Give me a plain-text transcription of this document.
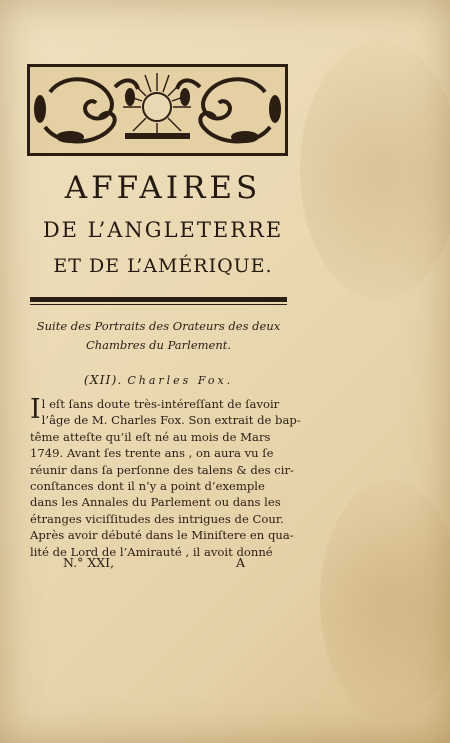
AFFAIRES
DE L’ANGLETERRE
ET DE L’AMÉRIQUE.
Suite des Portraits des Orateurs des deux
Chambres du Parlement.
(XII). Charles Fox.
I l eſt ſans doute très-intéreſſant de ſavoir
l’âge de M. Charles Fox. Son extrait de bap-
tême atteſte qu’il eſt né au mois de Mars
1749. Avant ſes trente ans , on aura vu ſe
réunir dans ſa perſonne des talens & des cir-
conſtances dont il n’y a point d’exemple
dans les Annales du Parlement ou dans les
étranges viciſſitudes des intrigues de Cour.
Après avoir débuté dans le Miniſtere en qua-
lité de Lord de l’Amirauté , il avoit donné
N.° XXI,	A
